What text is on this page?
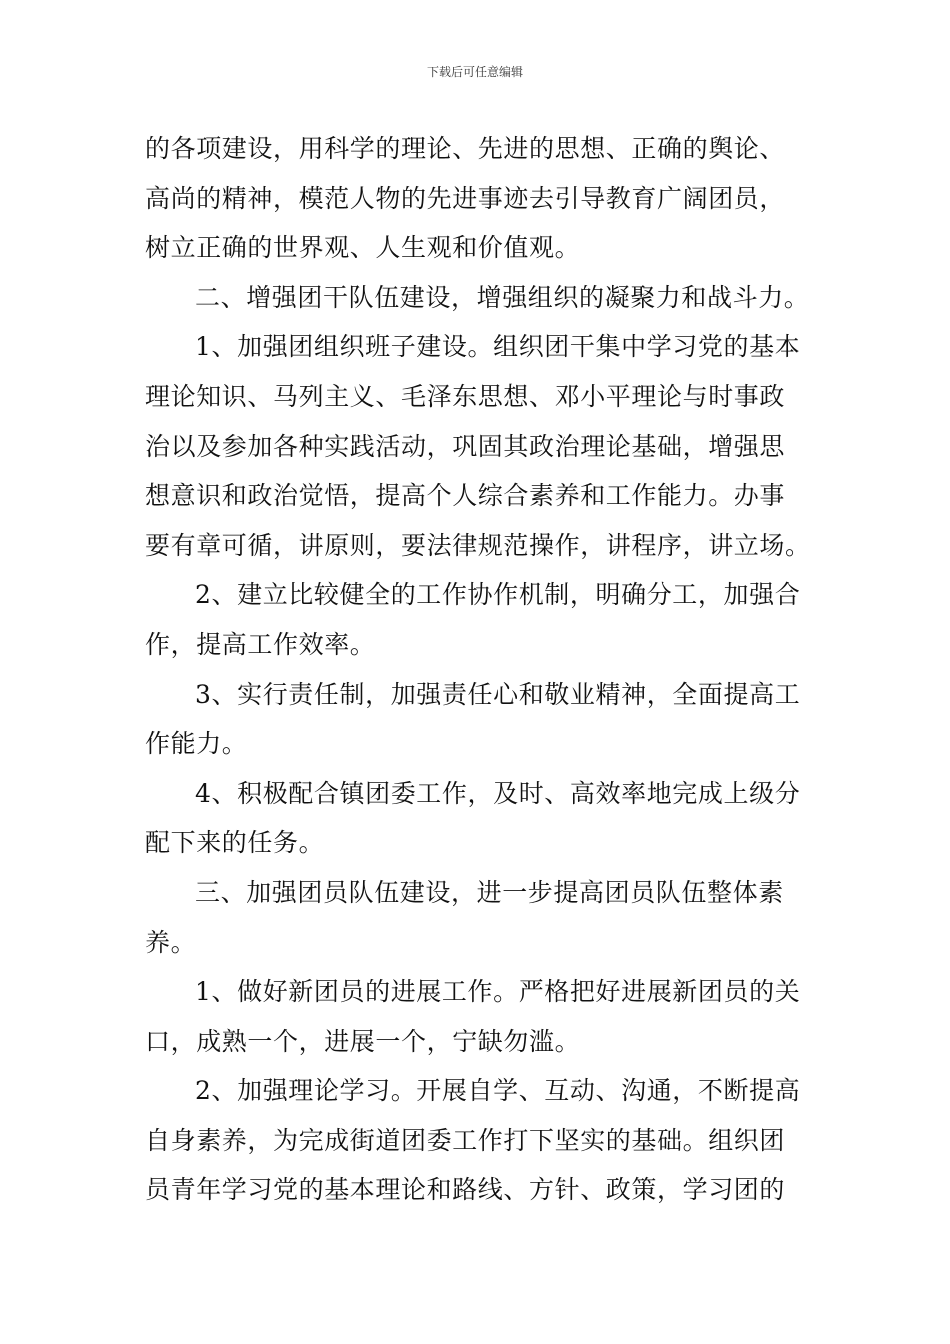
下载后可任意编辑
的各项建设，用科学的理论、先进的思想、正确的舆论、
高尚的精神，模范人物的先进事迹去引导教育广阔团员，
树立正确的世界观、人生观和价值观。
二、增强团干队伍建设，增强组织的凝聚力和战斗力。
1、加强团组织班子建设。组织团干集中学习党的基本
理论知识、马列主义、毛泽东思想、邓小平理论与时事政
治以及参加各种实践活动，巩固其政治理论基础，增强思
想意识和政治觉悟，提高个人综合素养和工作能力。办事
要有章可循，讲原则，要法律规范操作，讲程序，讲立场。
2、建立比较健全的工作协作机制，明确分工，加强合
作，提高工作效率。
3、实行责任制，加强责任心和敬业精神，全面提高工
作能力。
4、积极配合镇团委工作，及时、高效率地完成上级分
配下来的任务。
三、加强团员队伍建设，进一步提高团员队伍整体素
养。
1、做好新团员的进展工作。严格把好进展新团员的关
口，成熟一个，进展一个，宁缺勿滥。
2、加强理论学习。开展自学、互动、沟通，不断提高
自身素养，为完成街道团委工作打下坚实的基础。组织团
员青年学习党的基本理论和路线、方针、政策，学习团的
